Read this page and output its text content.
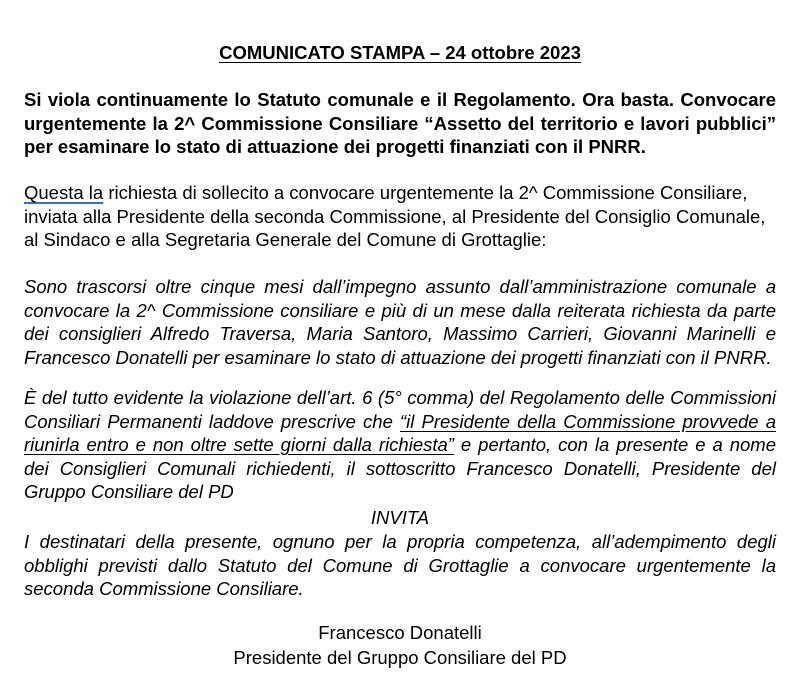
COMUNICATO STAMPA – 24 ottobre 2023

Si viola continuamente lo Statuto comunale e il Regolamento. Ora basta. Convocare urgentemente la 2^ Commissione Consiliare “Assetto del territorio e lavori pubblici” per esaminare lo stato di attuazione dei progetti finanziati con il PNRR.

Questa la richiesta di sollecito a convocare urgentemente la 2^ Commissione Consiliare, inviata alla Presidente della seconda Commissione, al Presidente del Consiglio Comunale, al Sindaco e alla Segretaria Generale del Comune di Grottaglie:

Sono trascorsi oltre cinque mesi dall’impegno assunto dall’amministrazione comunale a convocare la 2^ Commissione consiliare e più di un mese dalla reiterata richiesta da parte dei consiglieri Alfredo Traversa, Maria Santoro, Massimo Carrieri, Giovanni Marinelli e Francesco Donatelli per esaminare lo stato di attuazione dei progetti finanziati con il PNRR.

È del tutto evidente la violazione dell’art. 6 (5° comma) del Regolamento delle Commissioni Consiliari Permanenti laddove prescrive che “il Presidente della Commissione provvede a riunirla entro e non oltre sette giorni dalla richiesta” e pertanto, con la presente e a nome dei Consiglieri Comunali richiedenti, il sottoscritto Francesco Donatelli, Presidente del Gruppo Consiliare del PD

INVITA

I destinatari della presente, ognuno per la propria competenza, all’adempimento degli obblighi previsti dallo Statuto del Comune di Grottaglie a convocare urgentemente la seconda Commissione Consiliare.

Francesco Donatelli
Presidente del Gruppo Consiliare del PD
